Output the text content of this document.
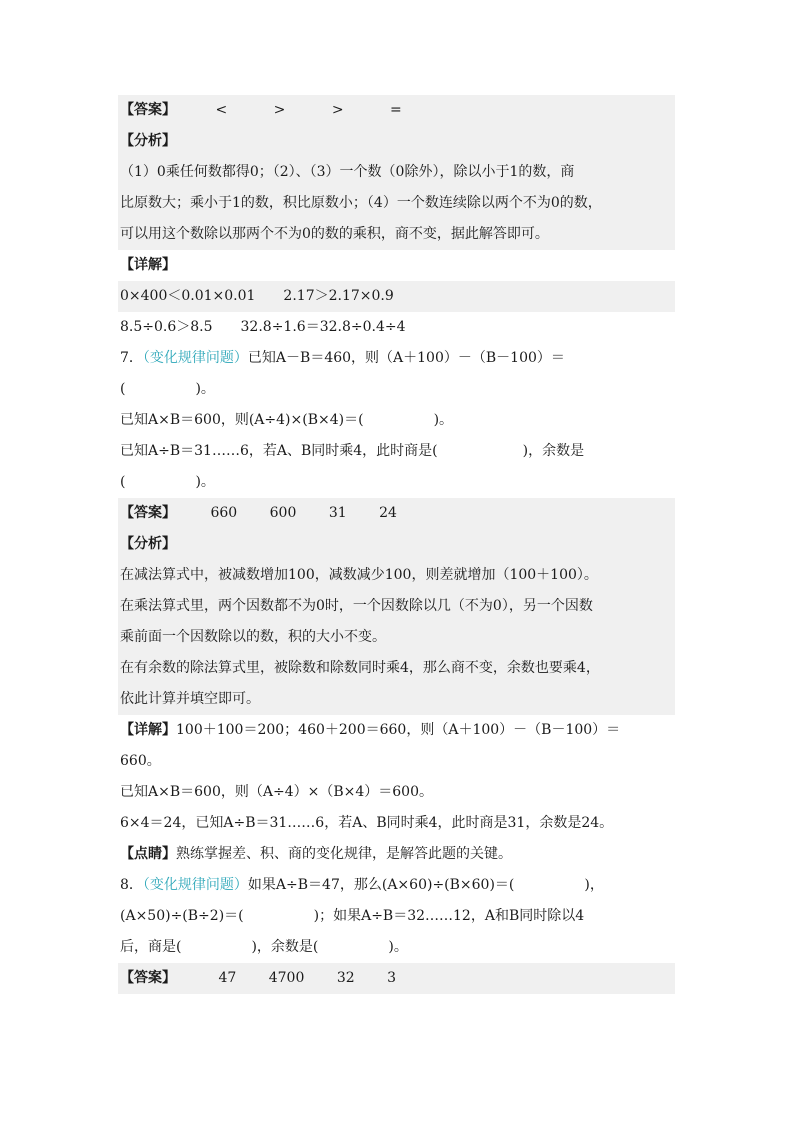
【答案】	<	>	>	=
【分析】
（1）0乘任何数都得0；（2）、（3）一个数（0除外），除以小于1的数，商
比原数大；乘小于1的数，积比原数小；（4）一个数连续除以两个不为0的数，
可以用这个数除以那两个不为0的数的乘积，商不变，据此解答即可。
【详解】
0×400＜0.01×0.01　　2.17＞2.17×0.9
8.5÷0.6＞8.5　　32.8÷1.6＝32.8÷0.4÷4
7．（变化规律问题）已知A－B＝460，则（A＋100）－（B－100）＝
(	)。
已知A×B＝600，则(A÷4)×(B×4)＝(	)。
已知A÷B＝31……6，若A、B同时乘4，此时商是(	)，余数是
(	)。
【答案】 660 600 31 24
【分析】
在减法算式中，被减数增加100，减数减少100，则差就增加（100＋100）。
在乘法算式里，两个因数都不为0时，一个因数除以几（不为0），另一个因数
乘前面一个因数除以的数，积的大小不变。
在有余数的除法算式里，被除数和除数同时乘4，那么商不变，余数也要乘4，
依此计算并填空即可。
【详解】100＋100＝200；460＋200＝660，则（A＋100）－（B－100）＝
660。
已知A×B＝600，则（A÷4）×（B×4）＝600。
6×4＝24，已知A÷B＝31……6，若A、B同时乘4，此时商是31，余数是24。
【点睛】熟练掌握差、积、商的变化规律，是解答此题的关键。
8．（变化规律问题）如果A÷B＝47，那么(A×60)÷(B×60)＝(	)，
(A×50)÷(B÷2)＝(	)；如果A÷B＝32……12，A和B同时除以4
后，商是(	)，余数是(	)。
【答案】	47 4700 32 3
